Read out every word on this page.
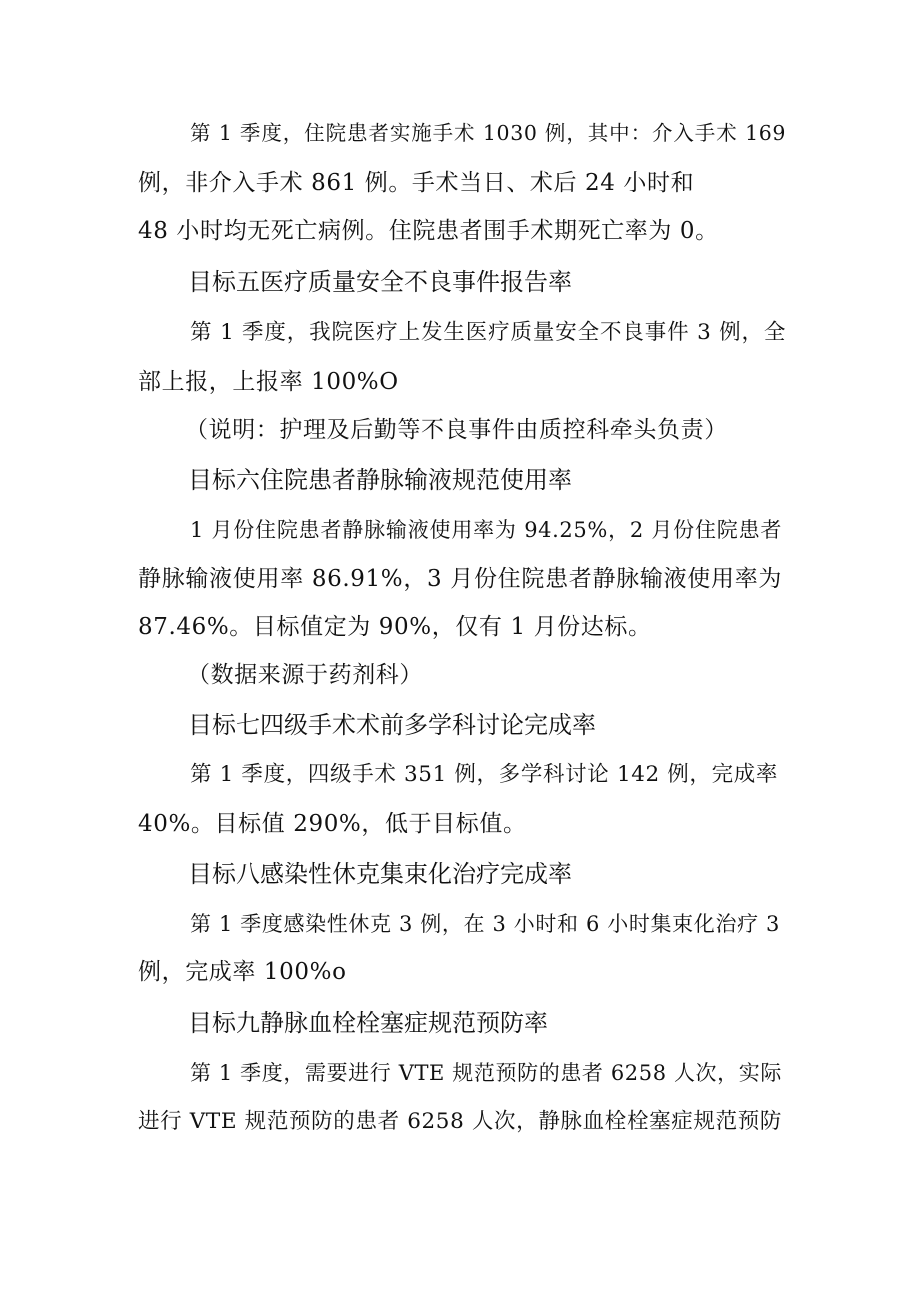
第 1 季度，住院患者实施手术 1030 例，其中：介入手术 169
例，非介入手术 861 例。手术当日、术后 24 小时和
48 小时均无死亡病例。住院患者围手术期死亡率为 0。
目标五医疗质量安全不良事件报告率
第 1 季度，我院医疗上发生医疗质量安全不良事件 3 例，全
部上报，上报率 100%O
（说明：护理及后勤等不良事件由质控科牵头负责）
目标六住院患者静脉输液规范使用率
1 月份住院患者静脉输液使用率为 94.25%，2 月份住院患者
静脉输液使用率 86.91%，3 月份住院患者静脉输液使用率为
87.46%。目标值定为 90%，仅有 1 月份达标。
（数据来源于药剂科）
目标七四级手术术前多学科讨论完成率
第 1 季度，四级手术 351 例，多学科讨论 142 例，完成率
40%。目标值 290%，低于目标值。
目标八感染性休克集束化治疗完成率
第 1 季度感染性休克 3 例，在 3 小时和 6 小时集束化治疗 3
例，完成率 100%o
目标九静脉血栓栓塞症规范预防率
第 1 季度，需要进行 VTE 规范预防的患者 6258 人次，实际
进行 VTE 规范预防的患者 6258 人次，静脉血栓栓塞症规范预防
